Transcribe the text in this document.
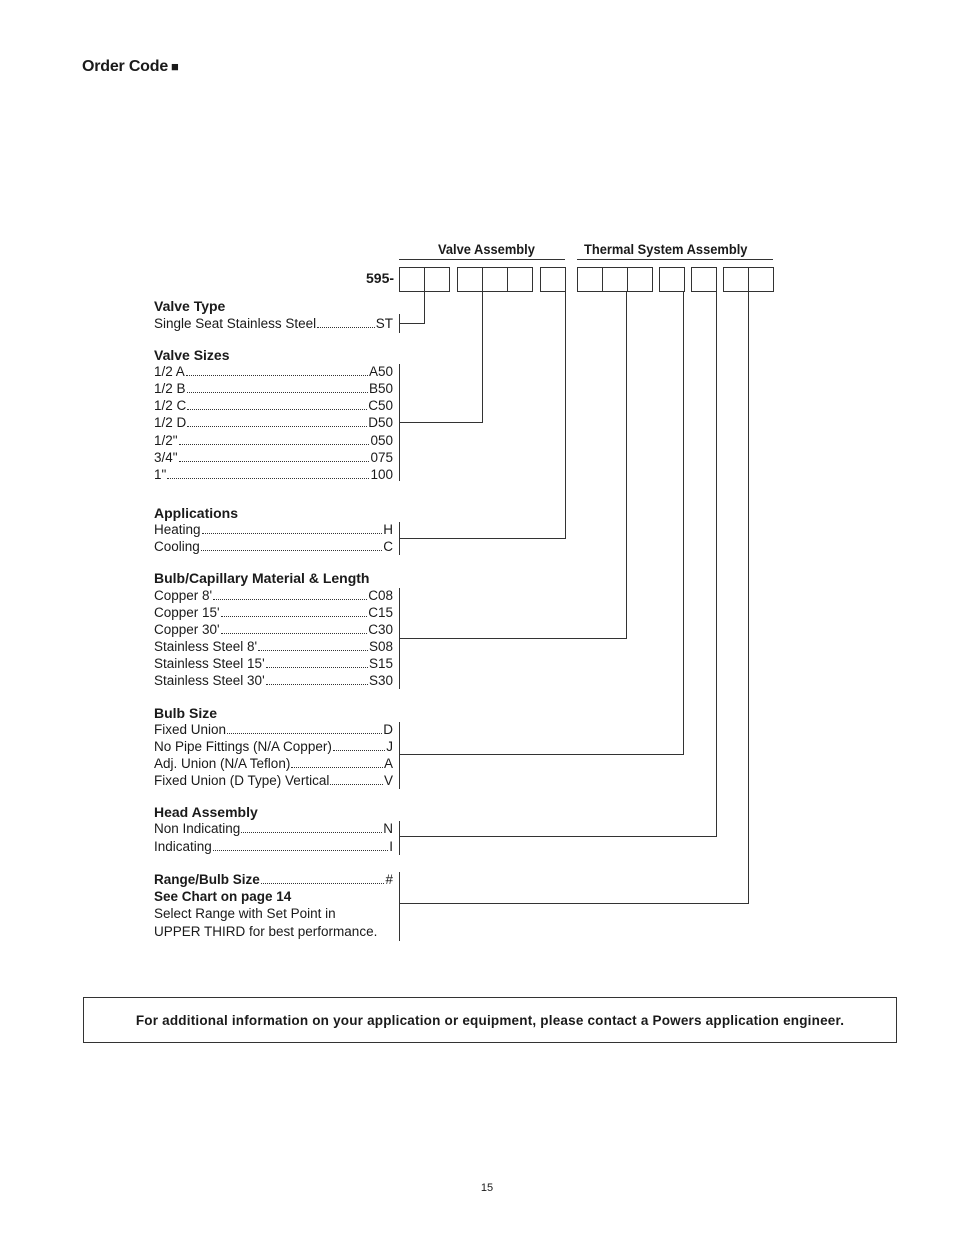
Order Code ■
Valve Assembly	Thermal System Assembly
595-
Valve Type
Single Seat Stainless Steel	ST
Valve Sizes
1/2 A	A50
1/2 B	B50
1/2 C	C50
1/2 D	D50
1/2"	050
3/4"	075
1"	100
Applications
Heating	H
Cooling	C
Bulb/Capillary Material & Length
Copper 8'	C08
Copper 15'	C15
Copper 30'	C30
Stainless Steel 8'	S08
Stainless Steel 15'	S15
Stainless Steel 30'	S30
Bulb Size
Fixed Union	D
No Pipe Fittings (N/A Copper)	J
Adj. Union (N/A Teflon)	A
Fixed Union (D Type) Vertical	V
Head Assembly
Non Indicating	N
Indicating	I
Range/Bulb Size	#
See Chart on page 14
Select Range with Set Point in
UPPER THIRD for best performance.
For additional information on your application or equipment, please contact a Powers application engineer.
15
